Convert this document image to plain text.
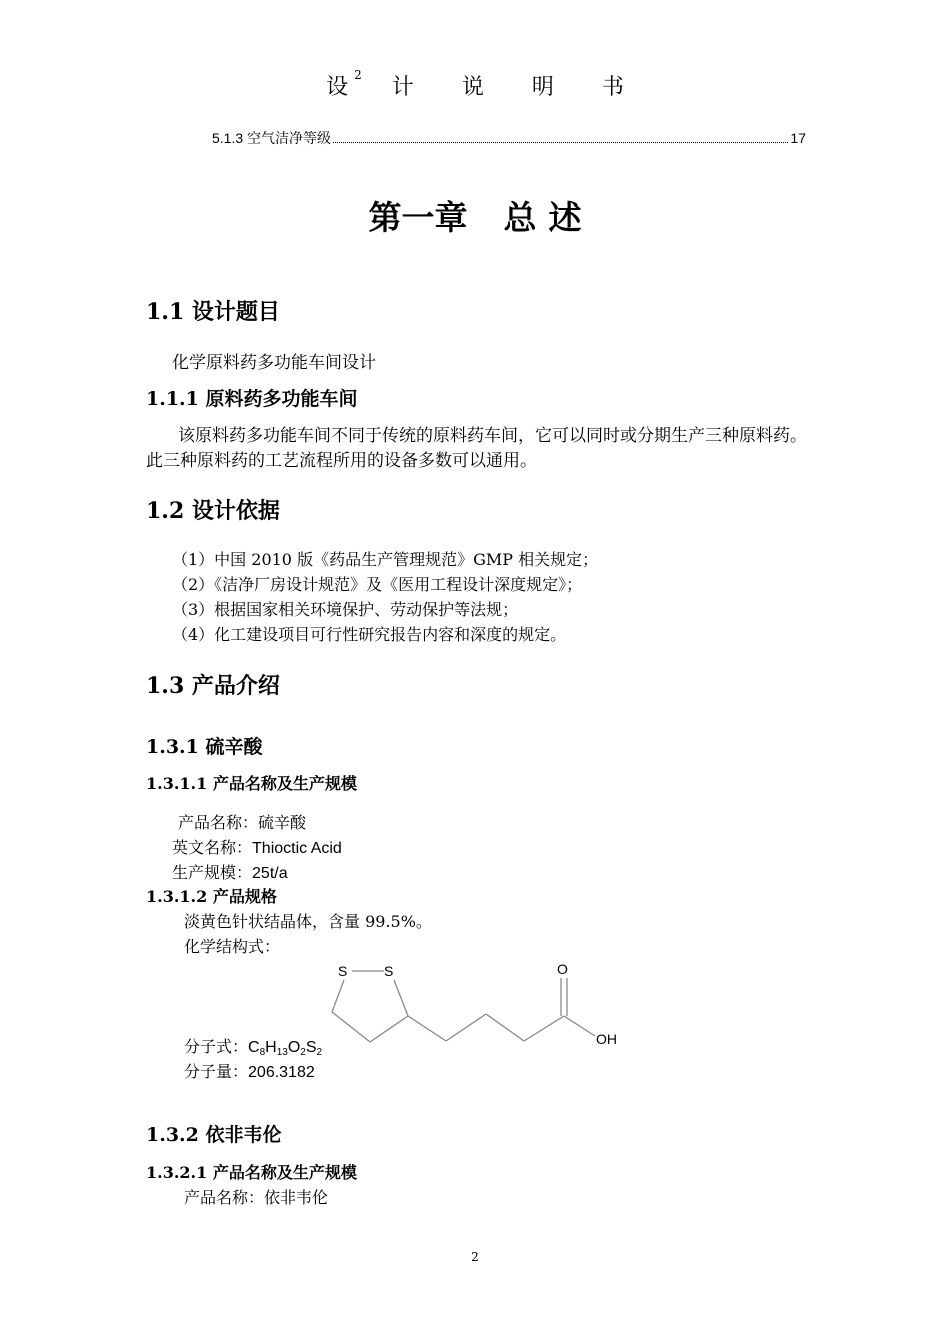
设 $^2$ 计 说 明 书
5.1.3 空气洁净等级	17
第一章 总 述
1.1 设计题目
化学原料药多功能车间设计
1.1.1 原料药多功能车间
该原料药多功能车间不同于传统的原料药车间，它可以同时或分期生产三种原料药。此三种原料药的工艺流程所用的设备多数可以通用。
1.2 设计依据
（1）中国 2010 版《药品生产管理规范》GMP 相关规定；
（2）《洁净厂房设计规范》及《医用工程设计深度规定》；
（3）根据国家相关环境保护、劳动保护等法规；
（4）化工建设项目可行性研究报告内容和深度的规定。
1.3 产品介绍
1.3.1 硫辛酸
1.3.1.1 产品名称及生产规模
产品名称：硫辛酸
英文名称：Thioctic Acid
生产规模：25t/a
1.3.1.2 产品规格
淡黄色针状结晶体，含量 99.5%。
化学结构式：
S	S	O
OH
分子式：$C_8H_{13}O_2S_2$
分子量：206.3182
1.3.2 依非韦伦
1.3.2.1 产品名称及生产规模
产品名称：依非韦伦
2
